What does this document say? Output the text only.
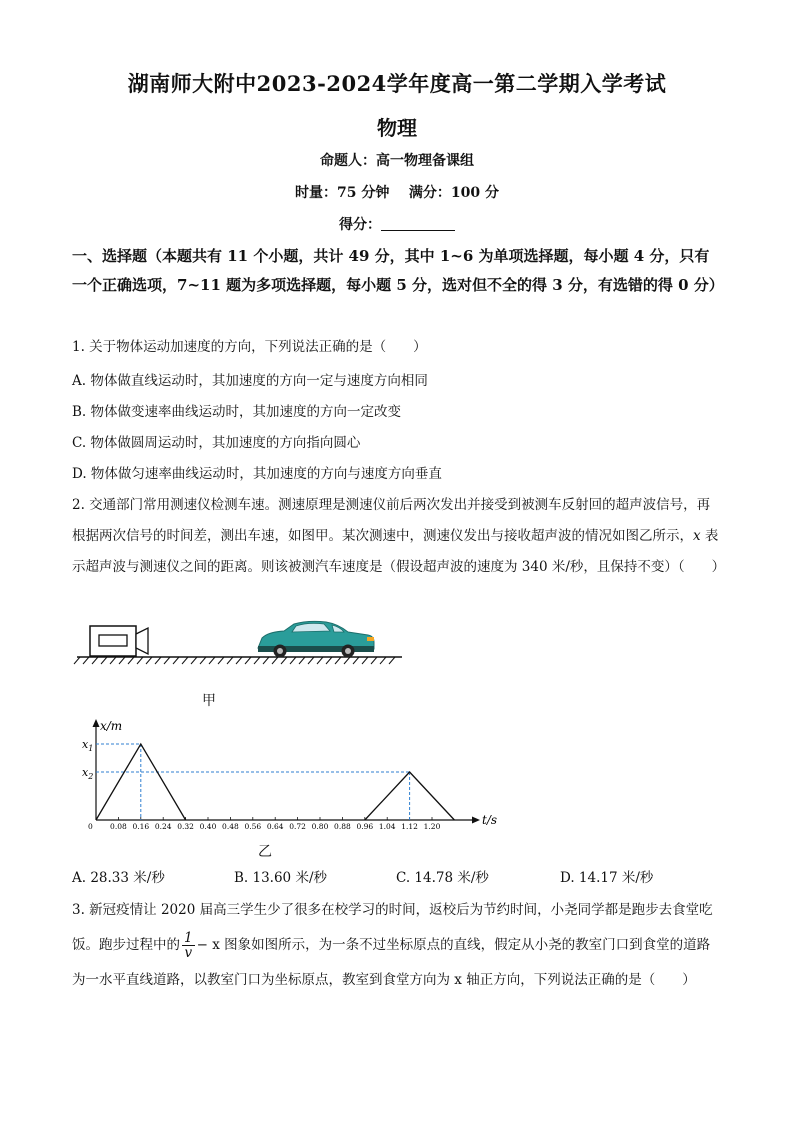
湖南师大附中2023-2024学年度高一第二学期入学考试
物理
命题人：高一物理备课组
时量：75 分钟    满分：100 分
得分：
一、选择题（本题共有 11 个小题，共计 49 分，其中 1~6 为单项选择题，每小题 4 分，只有一个正确选项，7~11 题为多项选择题，每小题 5 分，选对但不全的得 3 分，有选错的得 0 分）
1. 关于物体运动加速度的方向，下列说法正确的是（　　）
A. 物体做直线运动时，其加速度的方向一定与速度方向相同
B. 物体做变速率曲线运动时，其加速度的方向一定改变
C. 物体做圆周运动时，其加速度的方向指向圆心
D. 物体做匀速率曲线运动时，其加速度的方向与速度方向垂直
2. 交通部门常用测速仪检测车速。测速原理是测速仪前后两次发出并接受到被测车反射回的超声波信号，再根据两次信号的时间差，测出车速，如图甲。某次测速中，测速仪发出与接收超声波的情况如图乙所示，x 表示超声波与测速仪之间的距离。则该被测汽车速度是（假设超声波的速度为 340 米/秒，且保持不变）（　　）
甲
x/m
t/s
$x_1$
$x_2$
0 0.08 0.16 0.24 0.32 0.40 0.48 0.56 0.64 0.72 0.80 0.88 0.96 1.04 1.12 1.20
乙
A. 28.33 米/秒	B. 13.60 米/秒	C. 14.78 米/秒	D. 14.17 米/秒
3. 新冠疫情让 2020 届高三学生少了很多在校学习的时间，返校后为节约时间，小尧同学都是跑步去食堂吃饭。跑步过程中的 $\frac{1}{v} - x$ 图象如图所示，为一条不过坐标原点的直线，假定从小尧的教室门口到食堂的道路为一水平直线道路，以教室门口为坐标原点，教室到食堂方向为 x 轴正方向，下列说法正确的是（　　）
